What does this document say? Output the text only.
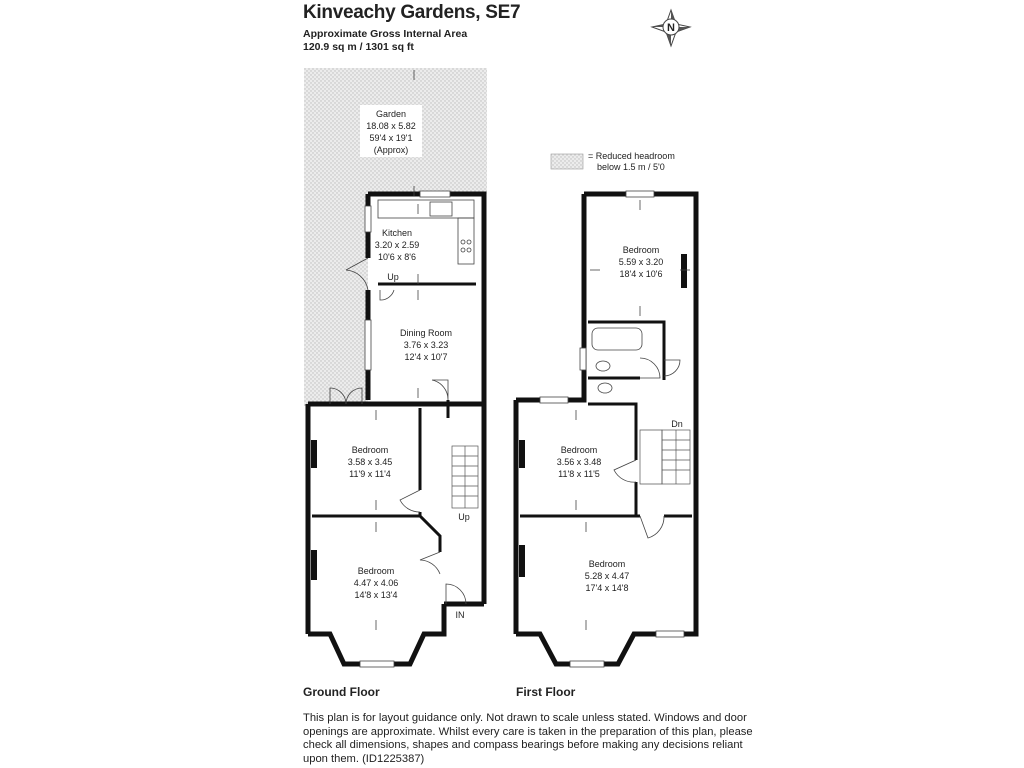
Kinveachy Gardens, SE7
Approximate Gross Internal Area
120.9 sq m / 1301 sq ft
N
Garden
18.08 x 5.82
59'4 x 19'1
(Approx)
Kitchen
3.20 x 2.59
10'6 x 8'6
Up
Dining Room
3.76 x 3.23
12'4 x 10'7
Bedroom
3.58 x 3.45
11'9 x 11'4
Bedroom
4.47 x 4.06
14'8 x 13'4
Up
IN
Bedroom
5.59 x 3.20
18'4 x 10'6
Bedroom
3.56 x 3.48
11'8 x 11'5
Dn
Bedroom
5.28 x 4.47
17'4 x 14'8
= Reduced headroom
below 1.5 m / 5'0
Ground Floor	First Floor
This plan is for layout guidance only. Not drawn to scale unless stated. Windows and door
openings are approximate. Whilst every care is taken in the preparation of this plan, please
check all dimensions, shapes and compass bearings before making any decisions reliant
upon them. (ID1225387)
